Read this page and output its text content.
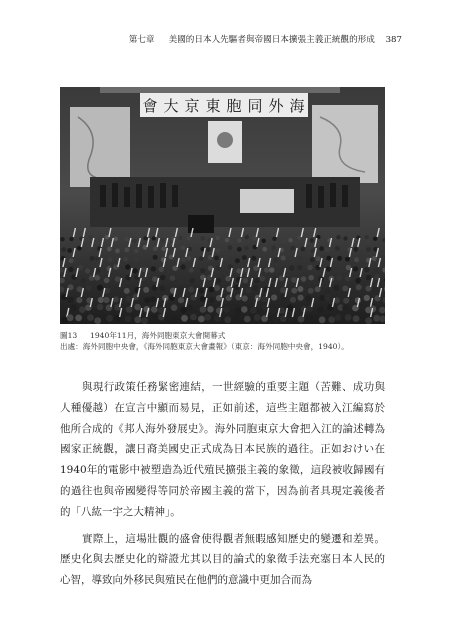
第七章 　 美國的日本人先驅者與帝國日本擴張主義正統觀的形成 387
會 大 京 東 胞 同 外 海
圖13	1940年11月，海外同胞東京大會開幕式
出處： 海外同胞中央會，《海外同胞東京大會畫報》（東京：海外同胞中央會，1940）。

與現行政策任務緊密連結，一世經驗的重要主題（苦難、成功與人種優越）在宣言中顯而易見，正如前述，這些主題都被入江編寫於他所合成的《邦人海外發展史》。海外同胞東京大會把入江的論述轉為國家正統觀，讓日裔美國史正式成為日本民族的過往。正如おけい在1940年的電影中被塑造為近代殖民擴張主義的象徵，這段被收歸國有的過往也與帝國變得等同於帝國主義的當下，因為前者具現定義後者的「八紘一宇之大精神」。

實際上，這場壯觀的盛會使得觀者無暇感知歷史的變遷和差異。歷史化與去歷史化的辯證尤其以目的論式的象徵手法充塞日本人民的心智，導致向外移民與殖民在他們的意識中更加合而為
